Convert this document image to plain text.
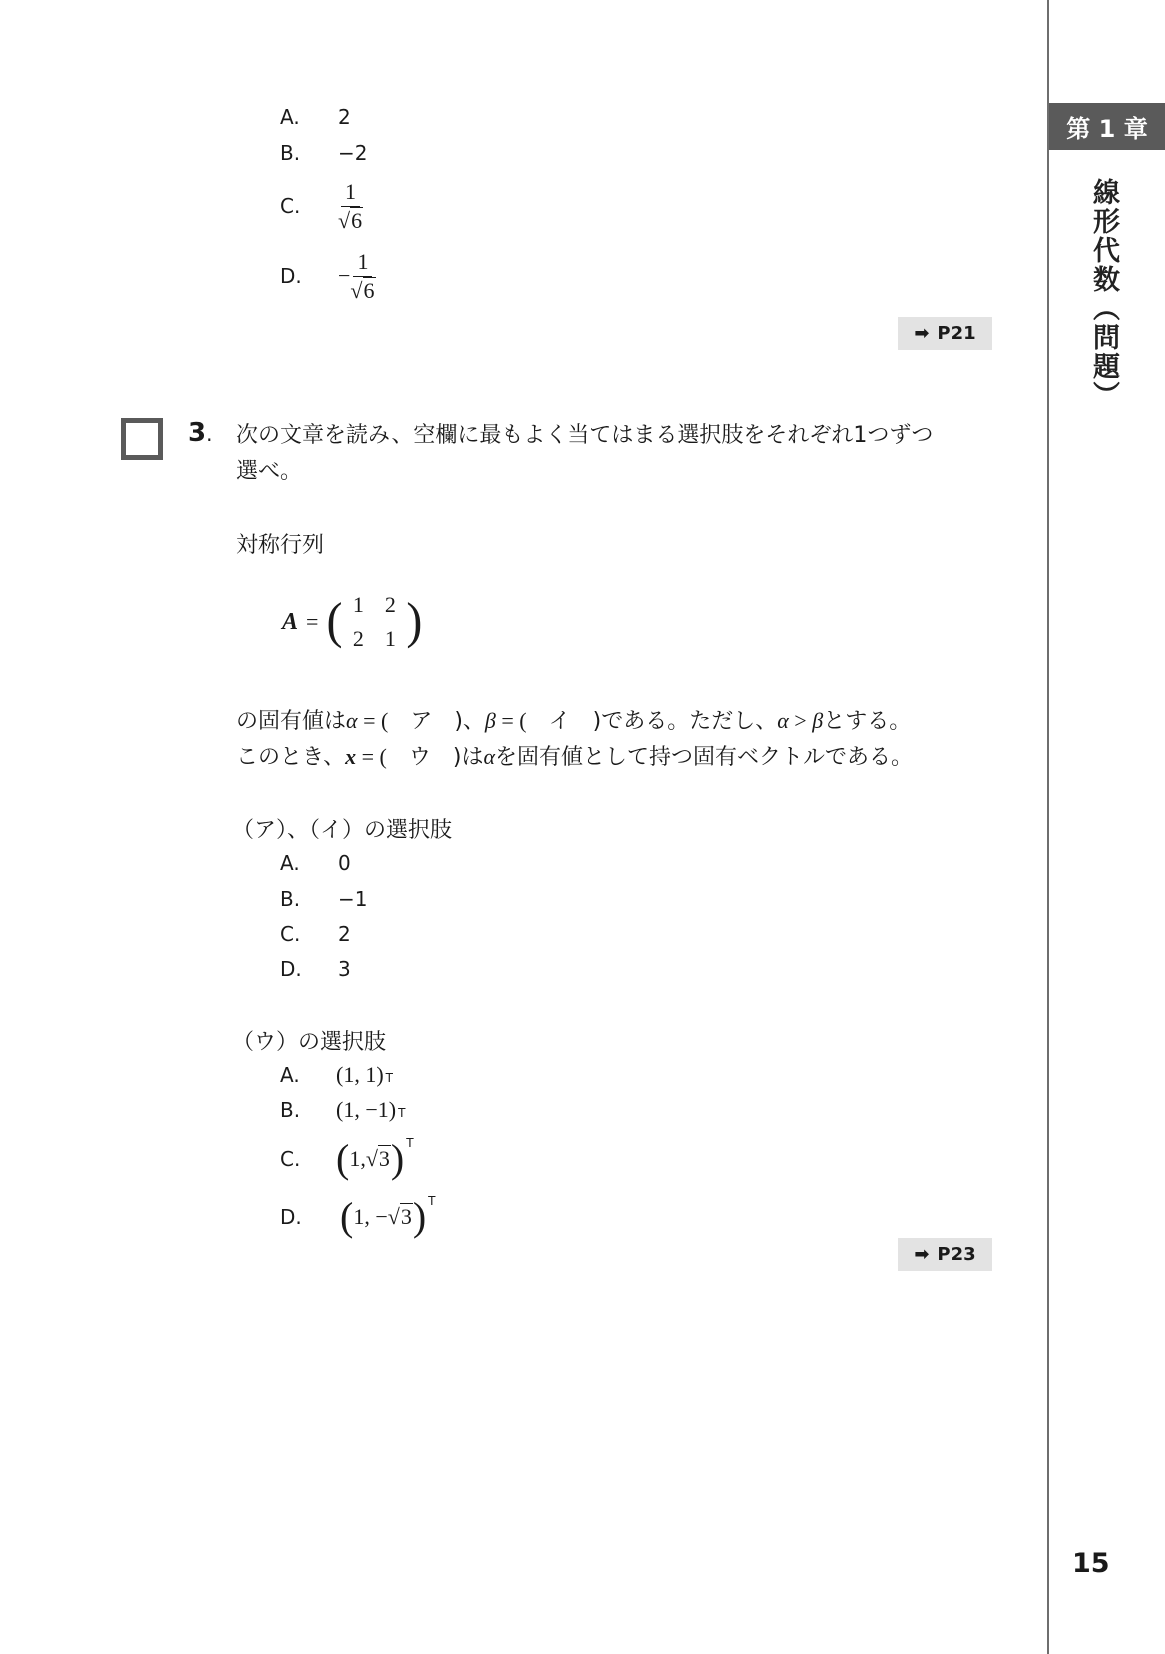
A.	2
B.	−2
C.	$\frac{1}{√6}$
D.	− $\frac{1}{√6}$
➡ P21
3. 次の文章を読み、空欄に最もよく当てはまる選択肢をそれぞれ1つずつ
選べ。
対称行列
A = ( 1 2
2 1 )
の固有値はα = ( ア )、β = ( イ )である。ただし、α > βとする。
このとき、x = ( ウ )はαを固有値として持つ固有ベクトルである。
（ア）、（イ）の選択肢
A.	0
B.	−1
C.	2
D.	3
（ウ）の選択肢
A.	(1, 1) T
B.	(1, −1) T
C. ( 1, √3 ) T
D. ( 1, − √3 ) T
➡ P23
第 1 章
線形代数（問題）
15
